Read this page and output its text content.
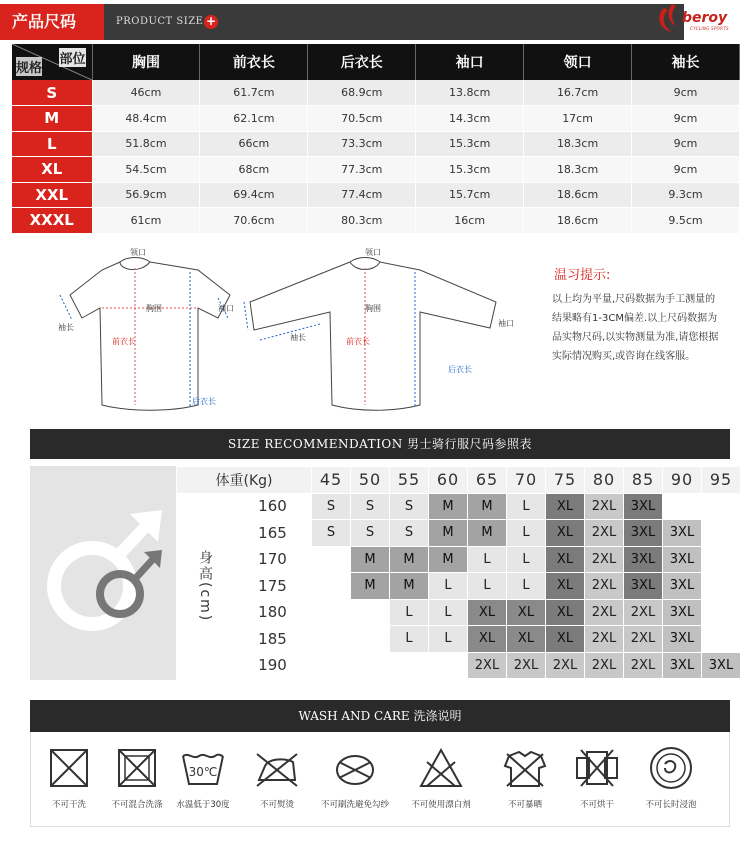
产品尺码	PRODUCT SIZE +	beroy
CYCLING SPORTS
部位
规格	胸围	前衣长	后衣长	袖口	领口	袖长
S	46cm	61.7cm	68.9cm	13.8cm	16.7cm	9cm
M	48.4cm	62.1cm	70.5cm	14.3cm	17cm	9cm
L	51.8cm	66cm	73.3cm	15.3cm	18.3cm	9cm
XL	54.5cm	68cm	77.3cm	15.3cm	18.3cm	9cm
XXL	56.9cm	69.4cm	77.4cm	15.7cm	18.6cm	9.3cm
XXXL	61cm	70.6cm	80.3cm	16cm	18.6cm	9.5cm
领口
胸围	袖口
袖长
前衣长
后衣长
领口
胸围
袖口
袖长	前衣长
后衣长
温习提示:
以上均为平量,尺码数据为手工测量的结果略有1-3CM偏差.以上尺码数据为品实物尺码,以实物测量为准,请您根据实际情况购买,或咨询在线客服。
SIZE RECOMMENDATION 男士骑行服尺码参照表
体重(Kg)		45	50	55	60	65	70	75	80	85	90	95
身高(cm)	160	S	S	S	M	M	L	XL	2XL	3XL		
	165	S	S	S	M	M	L	XL	2XL	3XL	3XL	
	170		M	M	M	L	L	XL	2XL	3XL	3XL	
	175		M	M	L	L	L	XL	2XL	3XL	3XL	
	180			L	L	XL	XL	XL	2XL	2XL	3XL	
	185			L	L	XL	XL	XL	2XL	2XL	3XL	
	190					2XL	2XL	2XL	2XL	2XL	3XL	3XL
WASH AND CARE 洗涤说明
不可干洗	不可混合洗涤
30℃
水温低于30度	不可熨烫	不可刷洗避免勾纱	不可使用漂白剂	不可暴晒	不可烘干	不可长时浸泡
